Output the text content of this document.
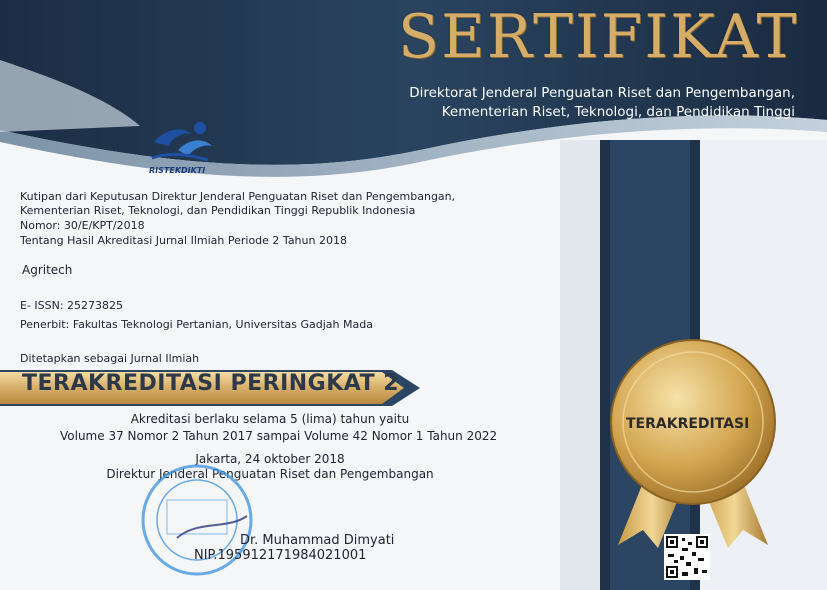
SERTIFIKAT
Direktorat Jenderal Penguatan Riset dan Pengembangan,
Kementerian Riset, Teknologi, dan Pendidikan Tinggi
RISTEKDIKTI
Kutipan dari Keputusan Direktur Jenderal Penguatan Riset dan Pengembangan,
Kementerian Riset, Teknologi, dan Pendidikan Tinggi Republik Indonesia
Nomor: 30/E/KPT/2018
Tentang Hasil Akreditasi Jurnal Ilmiah Periode 2 Tahun 2018
Agritech
E- ISSN: 25273825
Penerbit: Fakultas Teknologi Pertanian, Universitas Gadjah Mada
Ditetapkan sebagai Jurnal Ilmiah
TERAKREDITASI PERINGKAT 2
Akreditasi berlaku selama 5 (lima) tahun yaitu
Volume 37 Nomor 2 Tahun 2017 sampai Volume 42 Nomor 1 Tahun 2022
Jakarta, 24 oktober 2018
Direktur Jenderal Penguatan Riset dan Pengembangan
Dr. Muhammad Dimyati
NIP.195912171984021001
TERAKREDITASI
